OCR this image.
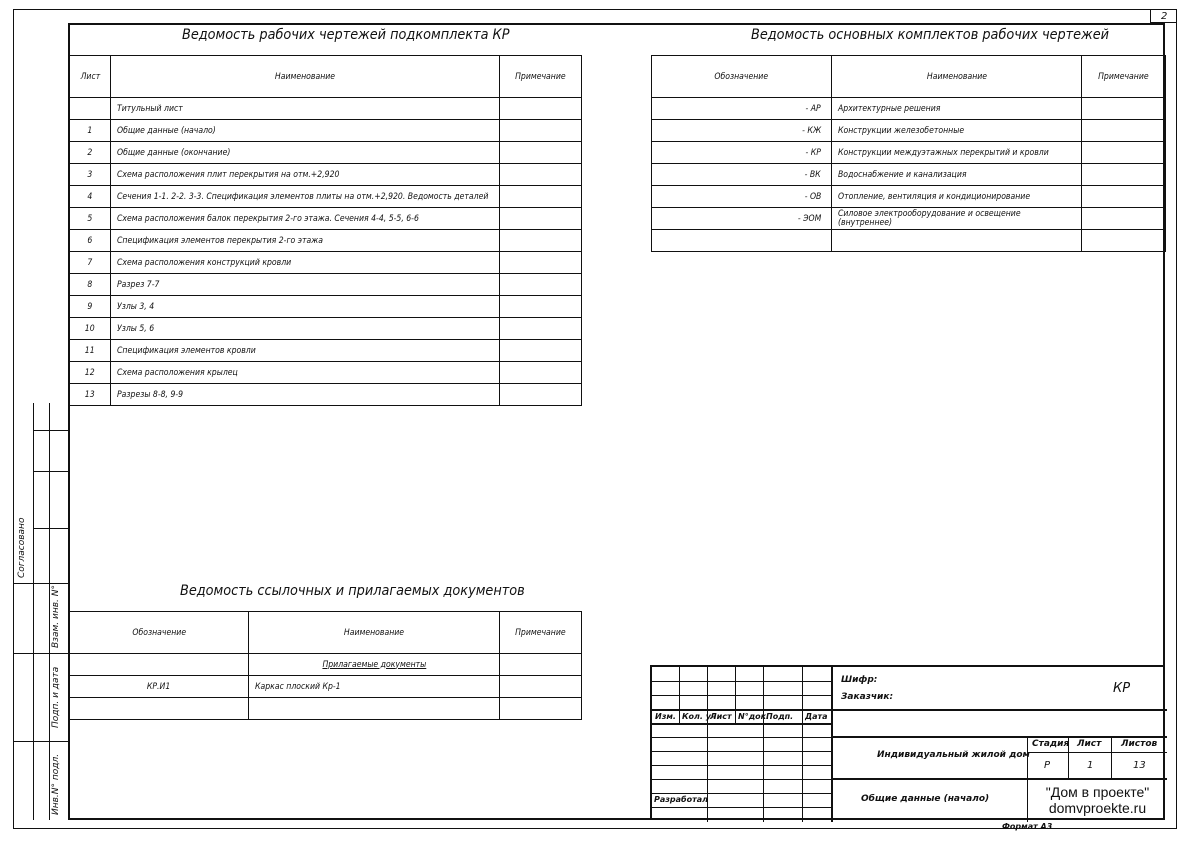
2
Согласовано
Взам. инв. N°
Подп. и дата
Инв.N° подл.
Ведомость рабочих чертежей подкомплекта КР
Лист	Наименование	Примечание
	Титульный лист	
1	Общие данные (начало)	
2	Общие данные (окончание)	
3	Схема расположения плит перекрытия на отм.+2,920	
4	Сечения 1-1. 2-2. 3-3. Спецификация элементов плиты на отм.+2,920. Ведомость деталей	
5	Схема расположения балок перекрытия 2-го этажа. Сечения 4-4, 5-5, 6-6	
6	Спецификация элементов перекрытия 2-го этажа	
7	Схема расположения конструкций кровли	
8	Разрез 7-7	
9	Узлы 3, 4	
10	Узлы 5, 6	
11	Спецификация элементов кровли	
12	Схема расположения крылец	
13	Разрезы 8-8, 9-9	
Ведомость основных комплектов рабочих чертежей
Обозначение	Наименование	Примечание
- АР	Архитектурные решения	
- КЖ	Конструкции железобетонные	
- КР	Конструкции междуэтажных перекрытий и кровли	
- ВК	Водоснабжение и канализация	
- ОВ	Отопление, вентиляция и кондиционирование	
- ЭОМ	Силовое электрооборудование и освещение (внутреннее)	

Ведомость ссылочных и прилагаемых документов
Обозначение	Наименование	Примечание
	Прилагаемые документы	
КР.И1	Каркас плоский Кр-1	

Изм. Кол. уч
Лист N°док.
Подп. Дата
Разработал
Шифр:
Заказчик:
КР
Индивидуальный жилой дом
Стадия Лист Листов
Р	1	13
Общие данные (начало)	"Дом в проекте"
domvproekte.ru
Формат А3
